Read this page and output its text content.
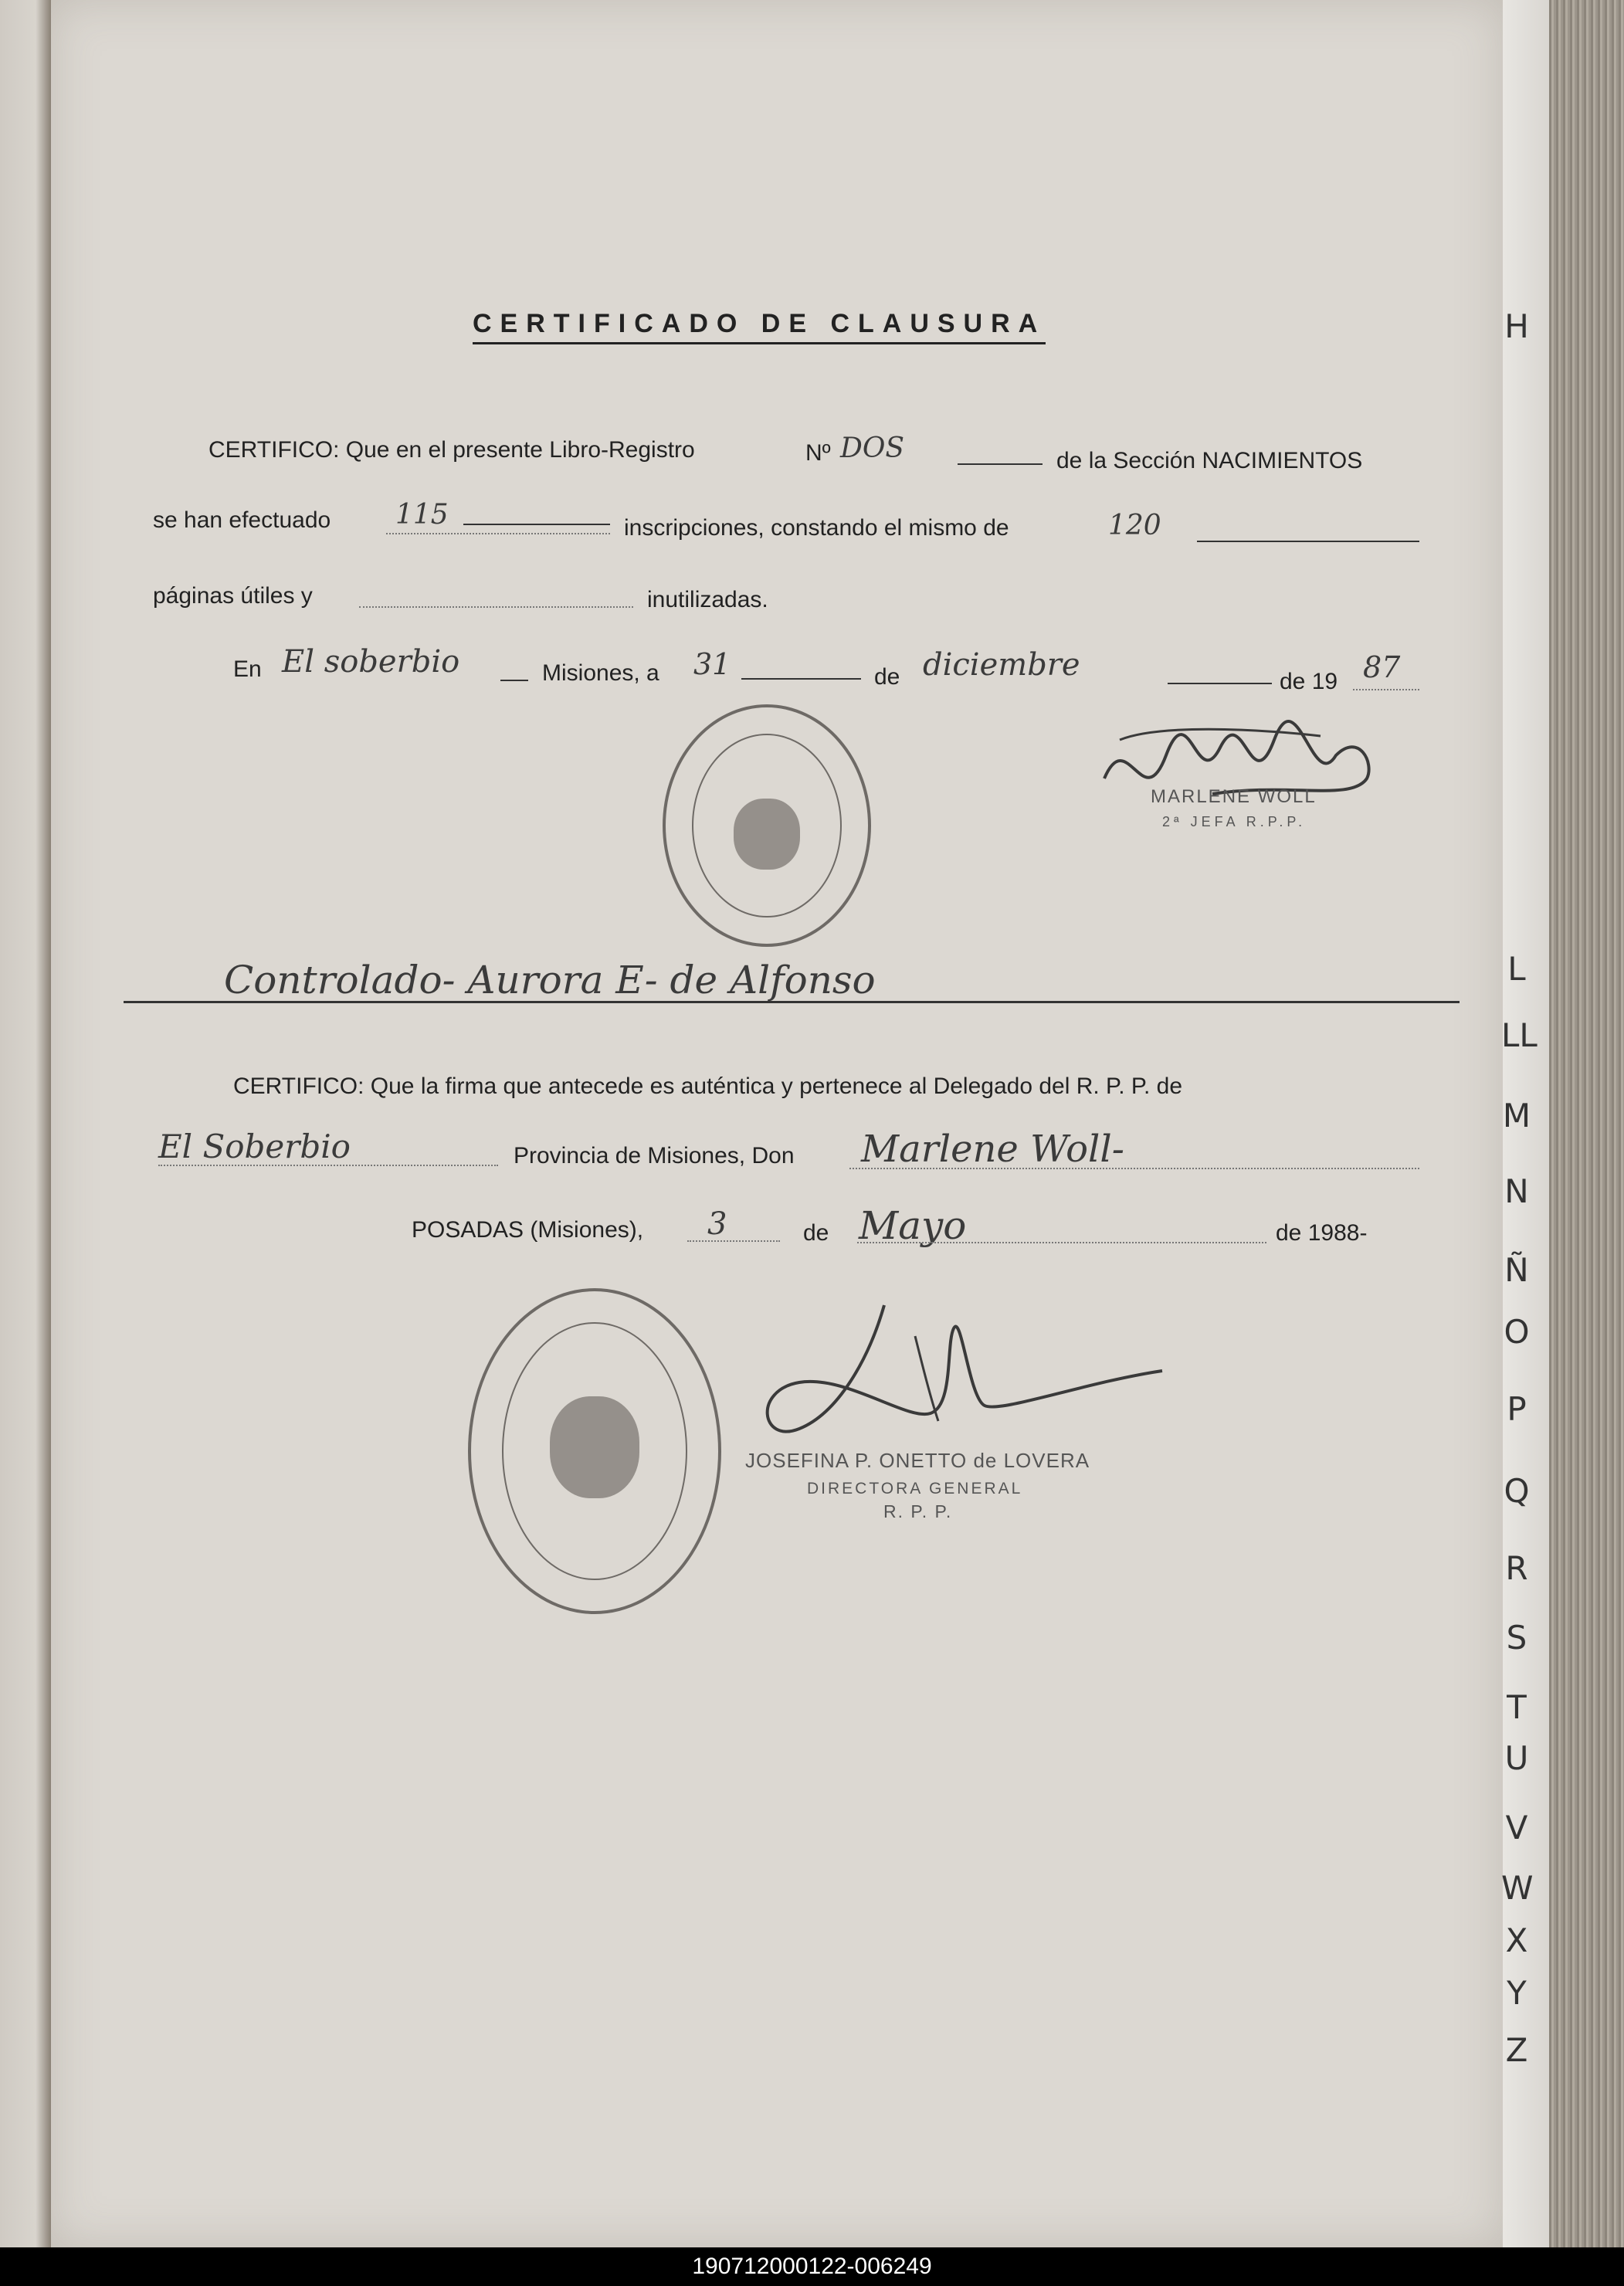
CERTIFICADO DE CLAUSURA
CERTIFICO: Que en el presente Libro-Registro	Nº DOS	de la Sección NACIMIENTOS
se han efectuado 115	inscripciones, constando el mismo de	120
páginas útiles y	inutilizadas.
En El soberbio	Misiones, a 31	de diciembre	de 19 87
MARLENE WOLL
2ª JEFA R.P.P.
Controlado- Aurora E- de Alfonso
CERTIFICO: Que la firma que antecede es auténtica y pertenece al Delegado del R. P. P. de
El Soberbio	Provincia de Misiones, Don Marlene Woll-
POSADAS (Misiones), 3	de Mayo	de 1988-
JOSEFINA P. ONETTO de LOVERA
DIRECTORA GENERAL
R. P. P.
H
L
LL
M
N
Ñ
O
P
Q
R
S
T
U
V
W
X
Y
Z
190712000122-006249
